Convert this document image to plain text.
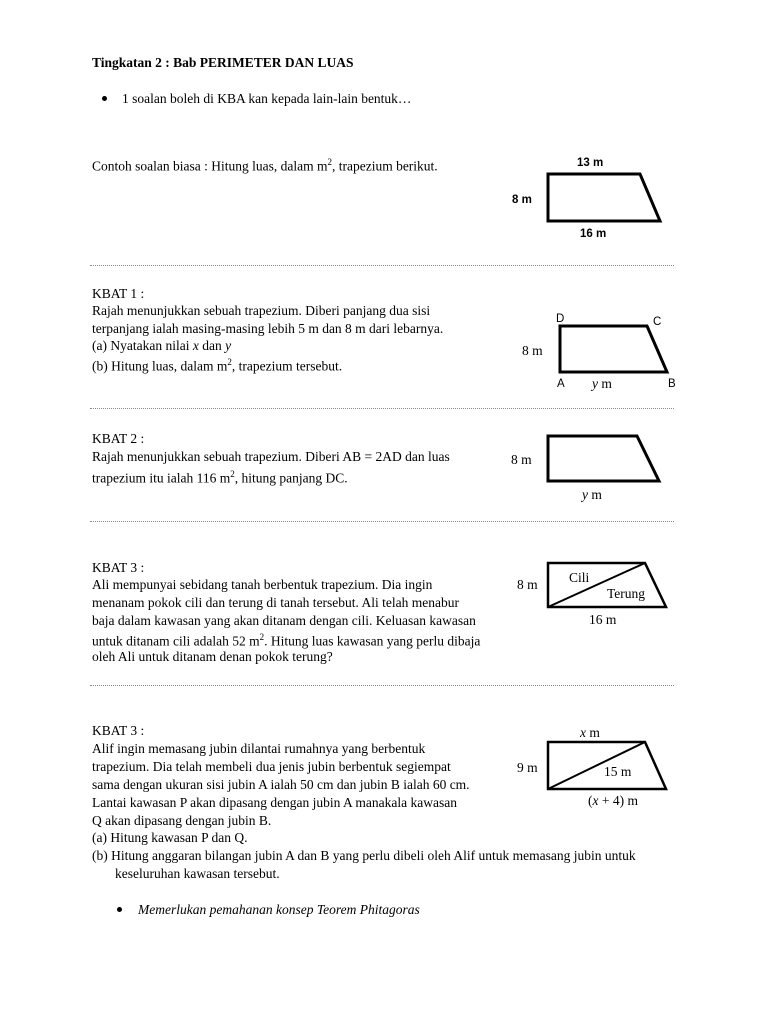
Tingkatan 2 : Bab PERIMETER DAN LUAS
1 soalan boleh di KBA kan kepada lain-lain bentuk…
Contoh soalan biasa : Hitung luas, dalam $m^2$, trapezium berikut.	13 m
8 m
16 m
KBAT 1 :
Rajah menunjukkan sebuah trapezium. Diberi panjang dua sisi
terpanjang ialah masing-masing lebih 5 m dan 8 m dari lebarnya.
(a) Nyatakan nilai x dan y
(b) Hitung luas, dalam $m^2$, trapezium tersebut.
D	C
8 m
A y m	B
KBAT 2 :
Rajah menunjukkan sebuah trapezium. Diberi AB = 2AD dan luas
trapezium itu ialah 116 $m^2$, hitung panjang DC.
8 m
y m
KBAT 3 :
Ali mempunyai sebidang tanah berbentuk trapezium. Dia ingin
menanam pokok cili dan terung di tanah tersebut. Ali telah menabur
baja dalam kawasan yang akan ditanam dengan cili. Keluasan kawasan
untuk ditanam cili adalah 52 $m^2$. Hitung luas kawasan yang perlu dibaja
oleh Ali untuk ditanam denan pokok terung?
8 m Cili
Terung
16 m
KBAT 3 :
Alif ingin memasang jubin dilantai rumahnya yang berbentuk
trapezium. Dia telah membeli dua jenis jubin berbentuk segiempat
sama dengan ukuran sisi jubin A ialah 50 cm dan jubin B ialah 60 cm.
Lantai kawasan P akan dipasang dengan jubin A manakala kawasan
Q akan dipasang dengan jubin B.
(a) Hitung kawasan P dan Q.
(b) Hitung anggaran bilangan jubin A dan B yang perlu dibeli oleh Alif untuk memasang jubin untuk
keseluruhan kawasan tersebut.
x m
9 m	15 m
(x + 4) m
Memerlukan pemahanan konsep Teorem Phitagoras
